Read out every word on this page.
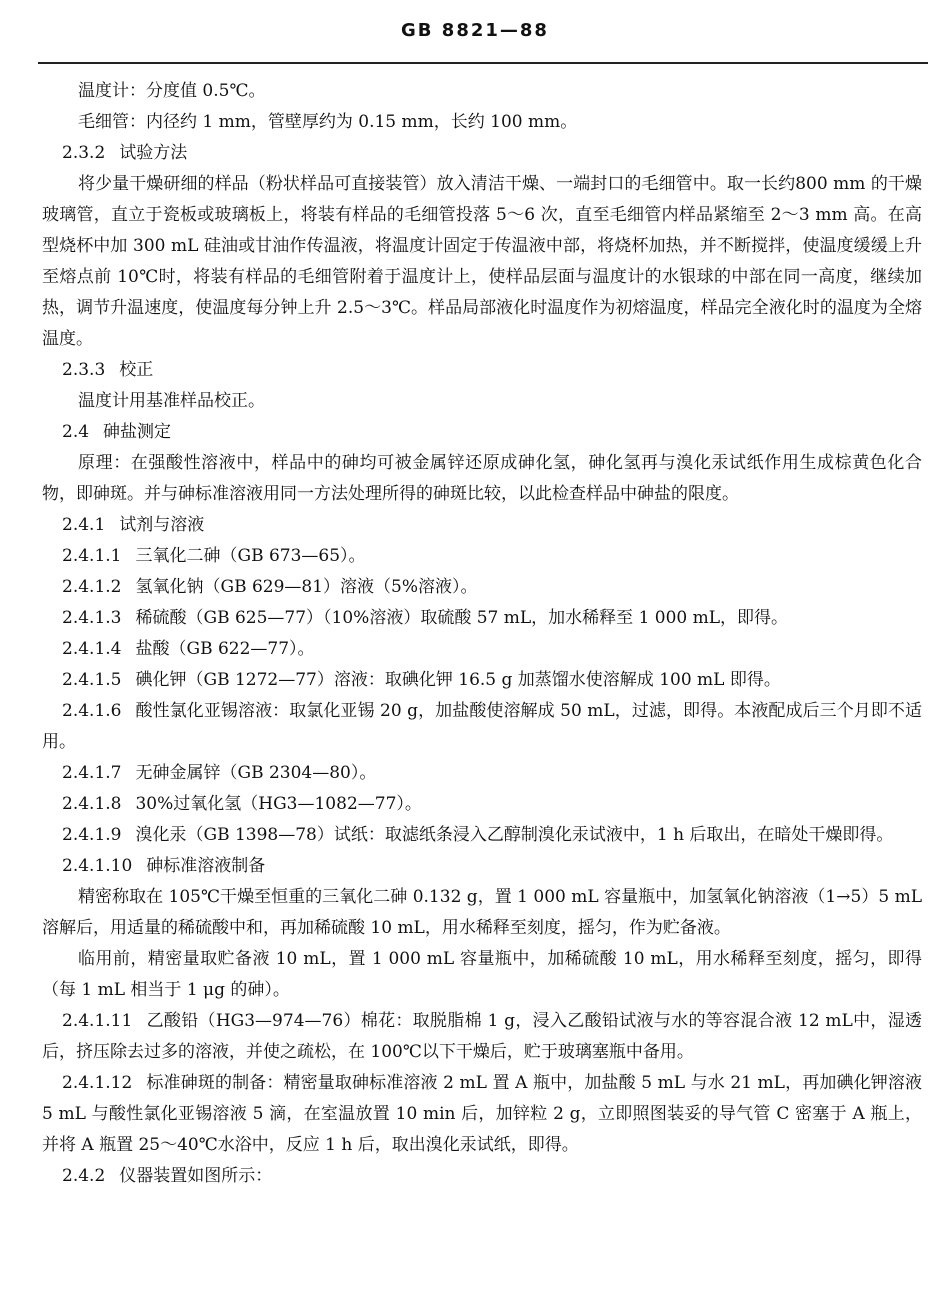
GB 8821—88

温度计：分度值 0.5℃。

毛细管：内径约 1 mm，管壁厚约为 0.15 mm，长约 100 mm。

2.3.2 试验方法

将少量干燥研细的样品（粉状样品可直接装管）放入清洁干燥、一端封口的毛细管中。取一长约800 mm 的干燥玻璃管，直立于瓷板或玻璃板上，将装有样品的毛细管投落 5～6 次，直至毛细管内样品紧缩至 2～3 mm 高。在高型烧杯中加 300 mL 硅油或甘油作传温液，将温度计固定于传温液中部，将烧杯加热，并不断搅拌，使温度缓缓上升至熔点前 10℃时，将装有样品的毛细管附着于温度计上，使样品层面与温度计的水银球的中部在同一高度，继续加热，调节升温速度，使温度每分钟上升 2.5～3℃。样品局部液化时温度作为初熔温度，样品完全液化时的温度为全熔温度。

2.3.3 校正

温度计用基准样品校正。

2.4 砷盐测定

原理：在强酸性溶液中，样品中的砷均可被金属锌还原成砷化氢，砷化氢再与溴化汞试纸作用生成棕黄色化合物，即砷斑。并与砷标准溶液用同一方法处理所得的砷斑比较，以此检查样品中砷盐的限度。

2.4.1 试剂与溶液

2.4.1.1 三氧化二砷（GB 673—65）。

2.4.1.2 氢氧化钠（GB 629—81）溶液（5%溶液）。

2.4.1.3 稀硫酸（GB 625—77）（10%溶液）取硫酸 57 mL，加水稀释至 1 000 mL，即得。

2.4.1.4 盐酸（GB 622—77）。

2.4.1.5 碘化钾（GB 1272—77）溶液：取碘化钾 16.5 g 加蒸馏水使溶解成 100 mL 即得。

2.4.1.6 酸性氯化亚锡溶液：取氯化亚锡 20 g，加盐酸使溶解成 50 mL，过滤，即得。本液配成后三个月即不适用。

2.4.1.7 无砷金属锌（GB 2304—80）。

2.4.1.8 30%过氧化氢（HG3—1082—77）。

2.4.1.9 溴化汞（GB 1398—78）试纸：取滤纸条浸入乙醇制溴化汞试液中，1 h 后取出，在暗处干燥即得。

2.4.1.10 砷标准溶液制备

精密称取在 105℃干燥至恒重的三氧化二砷 0.132 g，置 1 000 mL 容量瓶中，加氢氧化钠溶液（1→5）5 mL溶解后，用适量的稀硫酸中和，再加稀硫酸 10 mL，用水稀释至刻度，摇匀，作为贮备液。

临用前，精密量取贮备液 10 mL，置 1 000 mL 容量瓶中，加稀硫酸 10 mL，用水稀释至刻度，摇匀，即得（每 1 mL 相当于 1 μg 的砷）。

2.4.1.11 乙酸铅（HG3—974—76）棉花：取脱脂棉 1 g，浸入乙酸铅试液与水的等容混合液 12 mL中，湿透后，挤压除去过多的溶液，并使之疏松，在 100℃以下干燥后，贮于玻璃塞瓶中备用。

2.4.1.12 标准砷斑的制备：精密量取砷标准溶液 2 mL 置 A 瓶中，加盐酸 5 mL 与水 21 mL，再加碘化钾溶液 5 mL 与酸性氯化亚锡溶液 5 滴，在室温放置 10 min 后，加锌粒 2 g，立即照图装妥的导气管 C 密塞于 A 瓶上，并将 A 瓶置 25～40℃水浴中，反应 1 h 后，取出溴化汞试纸，即得。

2.4.2 仪器装置如图所示：
